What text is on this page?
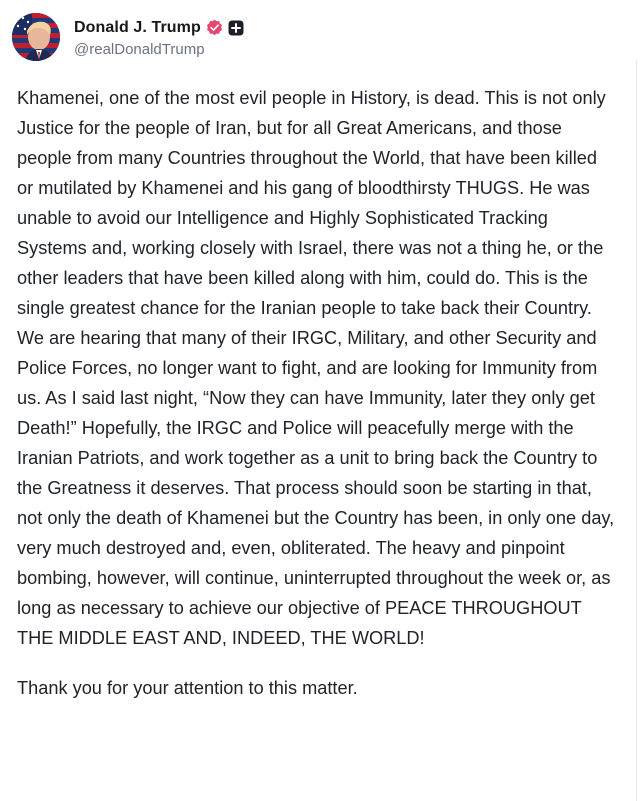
Donald J. Trump
@realDonaldTrump

Khamenei, one of the most evil people in History, is dead. This is not only Justice for the people of Iran, but for all Great Americans, and those people from many Countries throughout the World, that have been killed or mutilated by Khamenei and his gang of bloodthirsty THUGS. He was unable to avoid our Intelligence and Highly Sophisticated Tracking Systems and, working closely with Israel, there was not a thing he, or the other leaders that have been killed along with him, could do. This is the single greatest chance for the Iranian people to take back their Country. We are hearing that many of their IRGC, Military, and other Security and Police Forces, no longer want to fight, and are looking for Immunity from us. As I said last night, “Now they can have Immunity, later they only get Death!” Hopefully, the IRGC and Police will peacefully merge with the Iranian Patriots, and work together as a unit to bring back the Country to the Greatness it deserves. That process should soon be starting in that, not only the death of Khamenei but the Country has been, in only one day, very much destroyed and, even, obliterated. The heavy and pinpoint bombing, however, will continue, uninterrupted throughout the week or, as long as necessary to achieve our objective of PEACE THROUGHOUT THE MIDDLE EAST AND, INDEED, THE WORLD!

Thank you for your attention to this matter.
